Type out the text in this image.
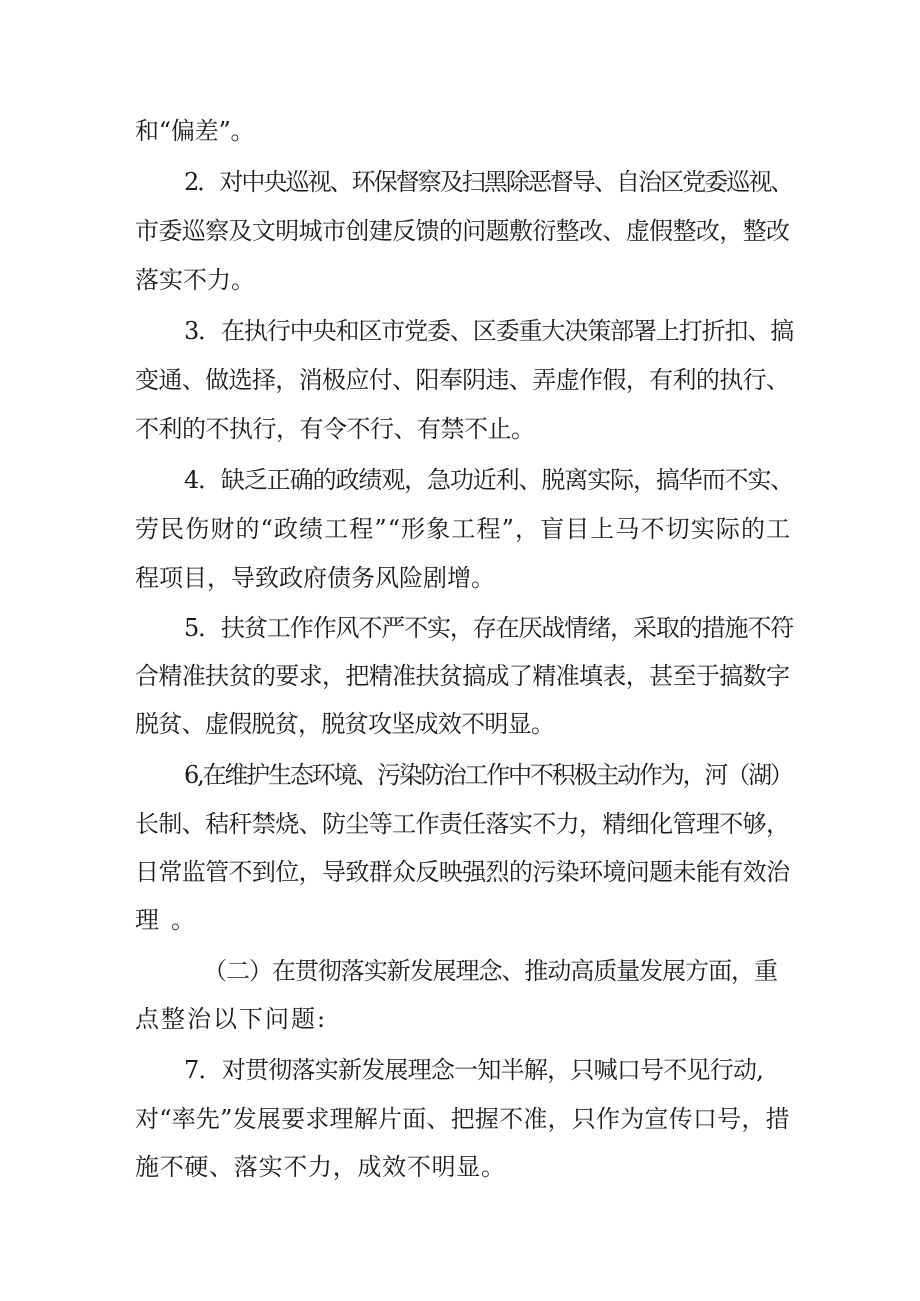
和“偏差”。

2．对中央巡视、环保督察及扫黑除恶督导、自治区党委巡视、

市委巡察及文明城市创建反馈的问题敷衍整改、虚假整改，整改

落实不力。

3．在执行中央和区市党委、区委重大决策部署上打折扣、搞

变通、做选择，消极应付、阳奉阴违、弄虚作假，有利的执行、

不利的不执行，有令不行、有禁不止。

4．缺乏正确的政绩观，急功近利、脱离实际，搞华而不实、

劳民伤财的“政绩工程”“形象工程”，盲目上马不切实际的工

程项目，导致政府债务风险剧增。

5．扶贫工作作风不严不实，存在厌战情绪，采取的措施不符

合精准扶贫的要求，把精准扶贫搞成了精准填表，甚至于搞数字

脱贫、虚假脱贫，脱贫攻坚成效不明显。

6,在维护生态环境、污染防治工作中不积极主动作为，河（湖）

长制、秸秆禁烧、防尘等工作责任落实不力，精细化管理不够，

日常监管不到位，导致群众反映强烈的污染环境问题未能有效治

理。

（二）在贯彻落实新发展理念、推动高质量发展方面，重

点整治以下问题:

7．对贯彻落实新发展理念一知半解，只喊口号不见行动,

对“率先”发展要求理解片面、把握不准，只作为宣传口号，措

施不硬、落实不力，成效不明显。
